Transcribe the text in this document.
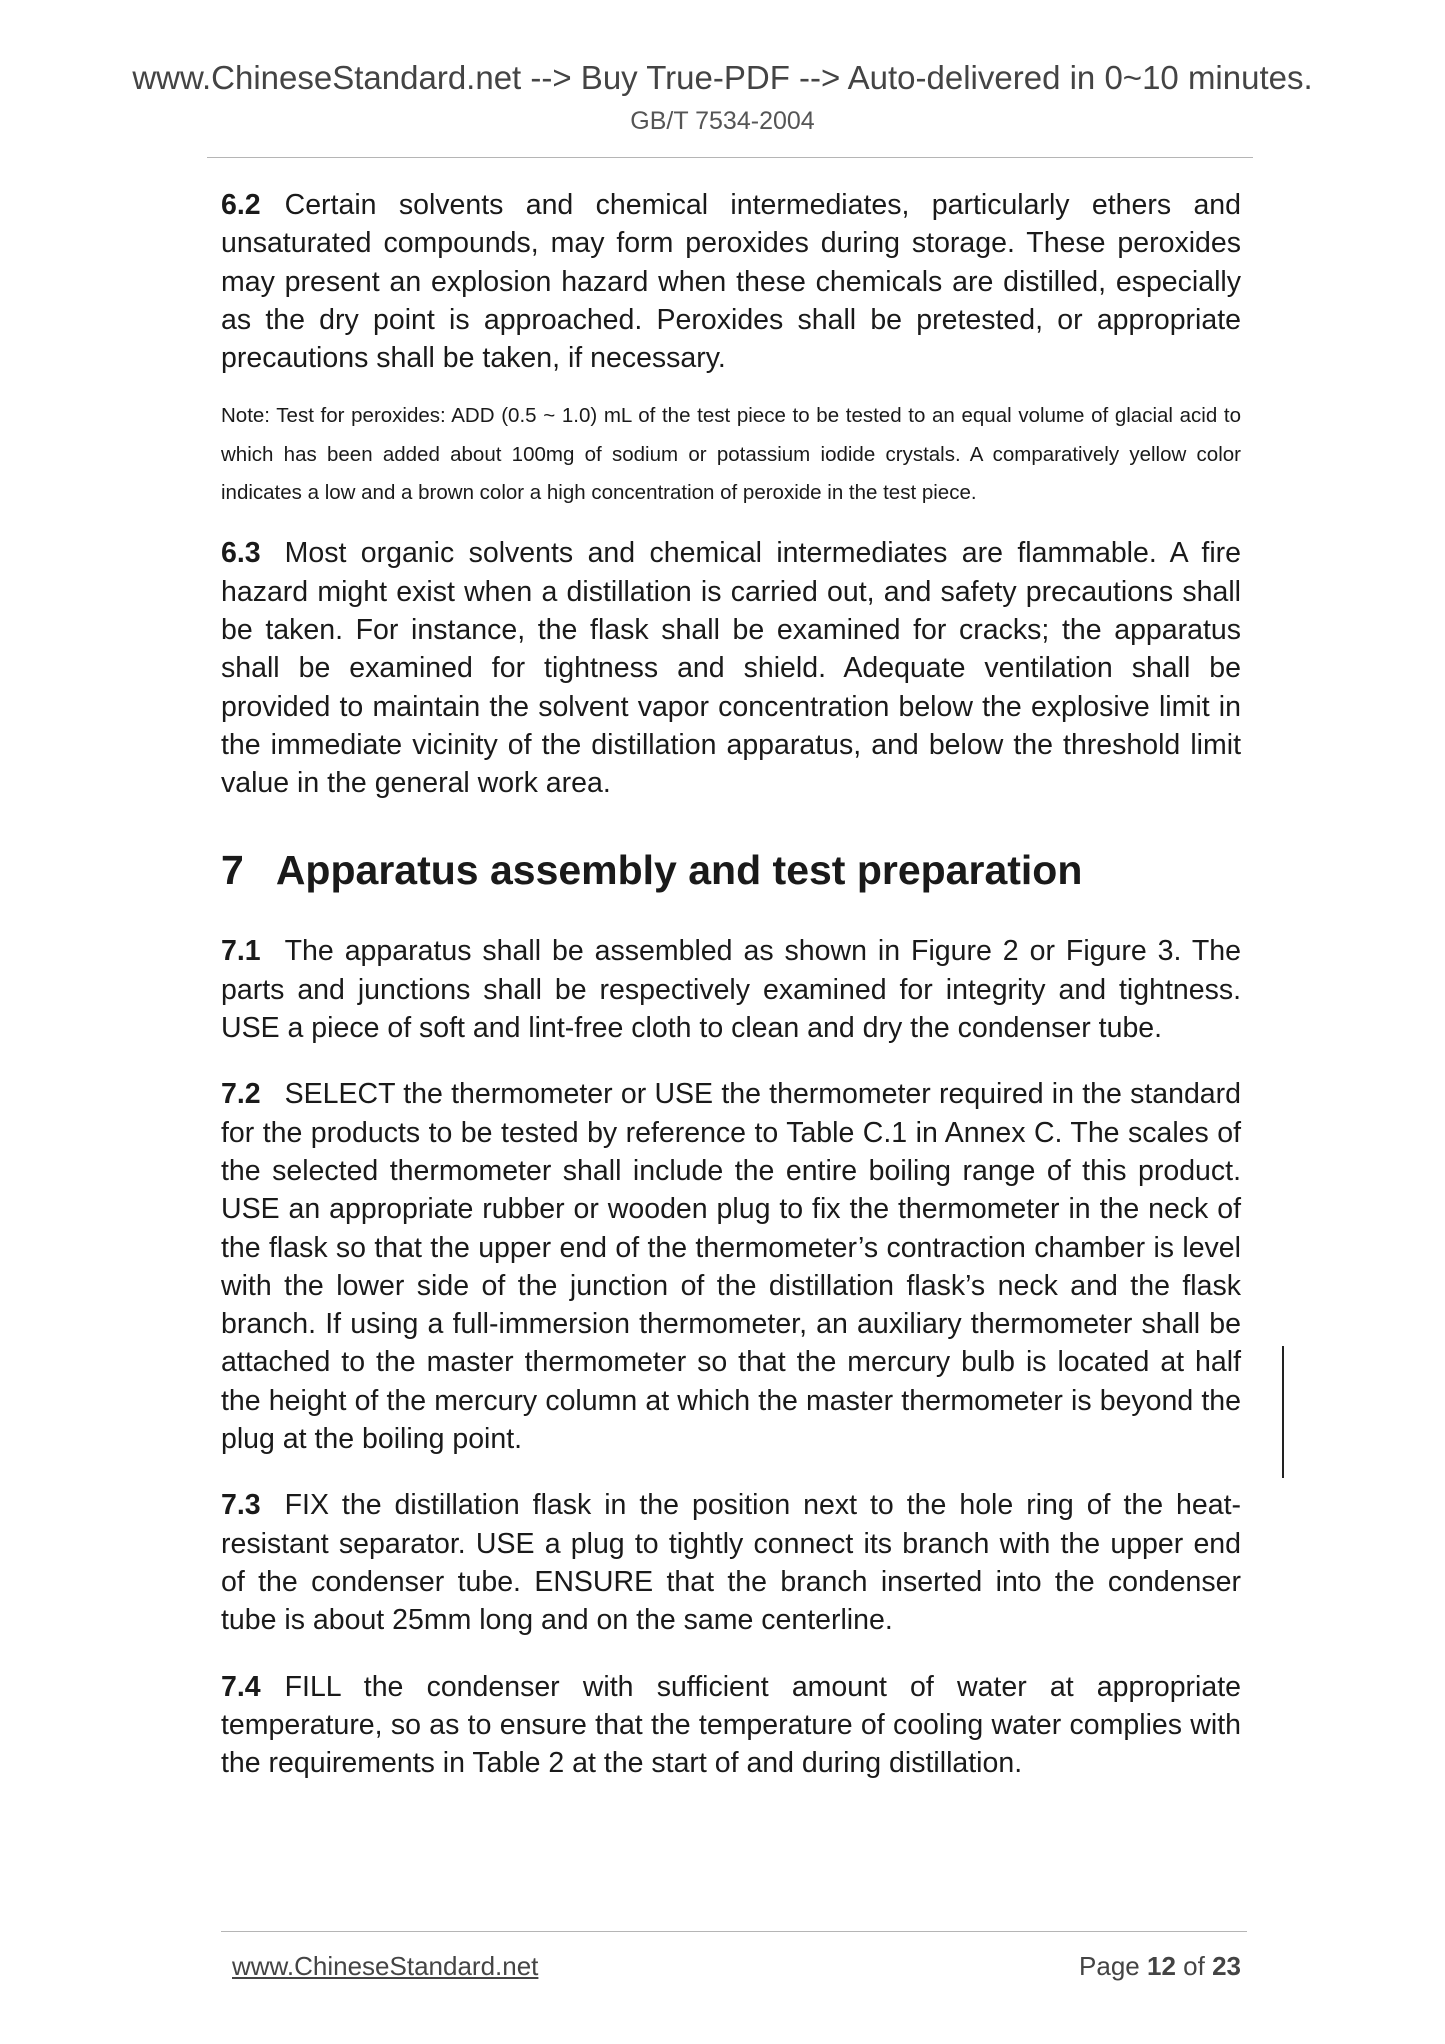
www.ChineseStandard.net --> Buy True-PDF --> Auto-delivered in 0~10 minutes.
GB/T 7534-2004

6.2 Certain solvents and chemical intermediates, particularly ethers and unsaturated compounds, may form peroxides during storage. These peroxides may present an explosion hazard when these chemicals are distilled, especially as the dry point is approached. Peroxides shall be pretested, or appropriate precautions shall be taken, if necessary.

Note: Test for peroxides: ADD (0.5 ~ 1.0) mL of the test piece to be tested to an equal volume of glacial acid to which has been added about 100mg of sodium or potassium iodide crystals. A comparatively yellow color indicates a low and a brown color a high concentration of peroxide in the test piece.

6.3 Most organic solvents and chemical intermediates are flammable. A fire hazard might exist when a distillation is carried out, and safety precautions shall be taken. For instance, the flask shall be examined for cracks; the apparatus shall be examined for tightness and shield. Adequate ventilation shall be provided to maintain the solvent vapor concentration below the explosive limit in the immediate vicinity of the distillation apparatus, and below the threshold limit value in the general work area.

7 Apparatus assembly and test preparation

7.1 The apparatus shall be assembled as shown in Figure 2 or Figure 3. The parts and junctions shall be respectively examined for integrity and tightness. USE a piece of soft and lint-free cloth to clean and dry the condenser tube.

7.2 SELECT the thermometer or USE the thermometer required in the standard for the products to be tested by reference to Table C.1 in Annex C. The scales of the selected thermometer shall include the entire boiling range of this product. USE an appropriate rubber or wooden plug to fix the thermometer in the neck of the flask so that the upper end of the thermometer’s contraction chamber is level with the lower side of the junction of the distillation flask’s neck and the flask branch. If using a full-immersion thermometer, an auxiliary thermometer shall be attached to the master thermometer so that the mercury bulb is located at half the height of the mercury column at which the master thermometer is beyond the plug at the boiling point.

7.3 FIX the distillation flask in the position next to the hole ring of the heat-resistant separator. USE a plug to tightly connect its branch with the upper end of the condenser tube. ENSURE that the branch inserted into the condenser tube is about 25mm long and on the same centerline.

7.4 FILL the condenser with sufficient amount of water at appropriate temperature, so as to ensure that the temperature of cooling water complies with the requirements in Table 2 at the start of and during distillation.

www.ChineseStandard.net	Page 12 of 23
